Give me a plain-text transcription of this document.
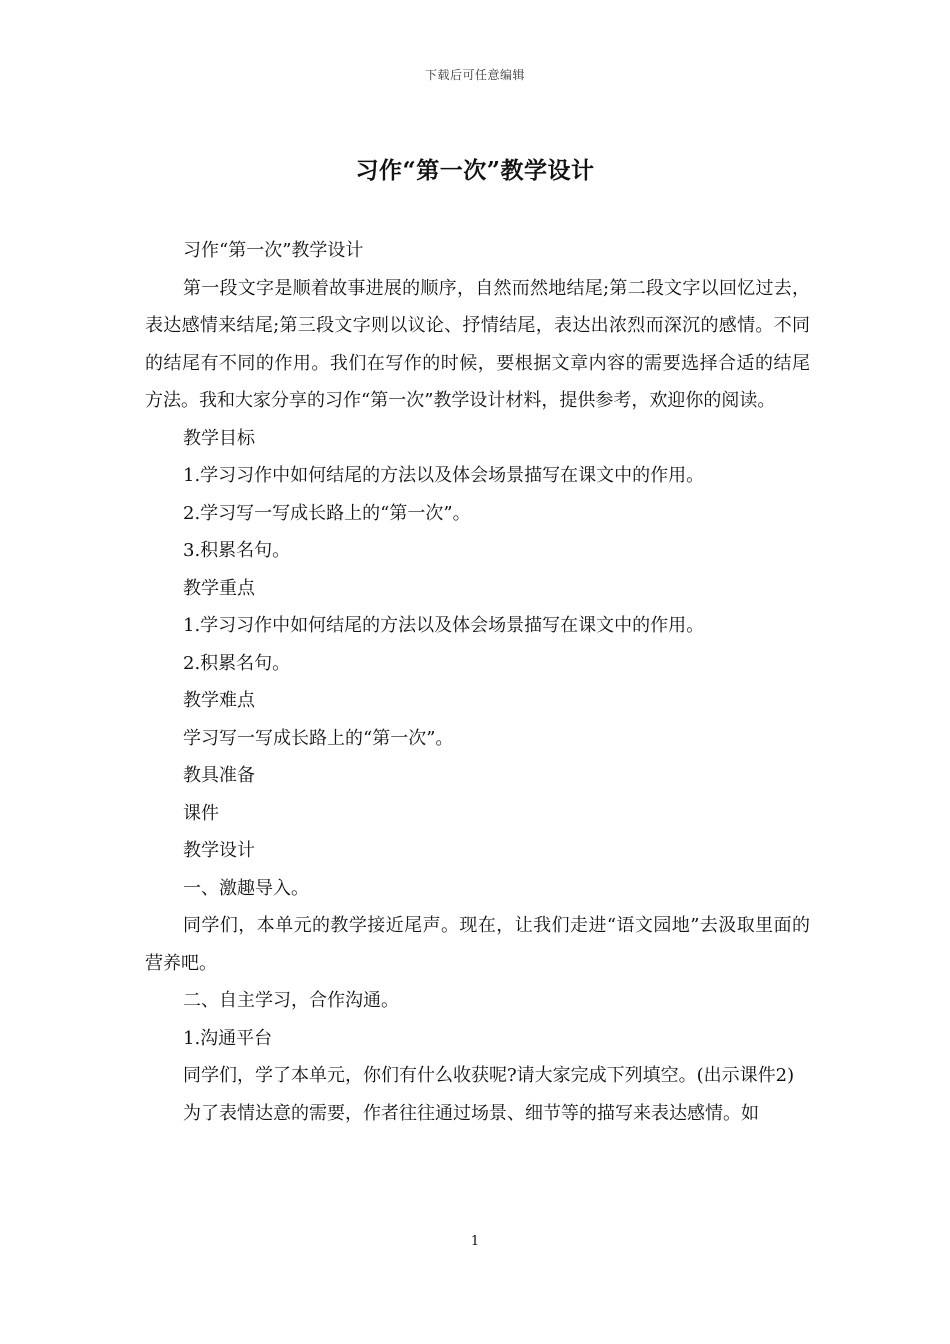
下载后可任意编辑
习作“第一次”教学设计

习作“第一次”教学设计

第一段文字是顺着故事进展的顺序，自然而然地结尾;第二段文字以回忆过去，表达感情来结尾;第三段文字则以议论、抒情结尾，表达出浓烈而深沉的感情。不同的结尾有不同的作用。我们在写作的时候，要根据文章内容的需要选择合适的结尾方法。我和大家分享的习作“第一次”教学设计材料，提供参考，欢迎你的阅读。

教学目标

1.学习习作中如何结尾的方法以及体会场景描写在课文中的作用。

2.学习写一写成长路上的“第一次”。

3.积累名句。

教学重点

1.学习习作中如何结尾的方法以及体会场景描写在课文中的作用。

2.积累名句。

教学难点

学习写一写成长路上的“第一次”。

教具准备

课件

教学设计

一、激趣导入。

同学们，本单元的教学接近尾声。现在，让我们走进“语文园地”去汲取里面的营养吧。

二、自主学习，合作沟通。

1.沟通平台

同学们，学了本单元，你们有什么收获呢?请大家完成下列填空。(出示课件2)

为了表情达意的需要，作者往往通过场景、细节等的描写来表达感情。如

1
